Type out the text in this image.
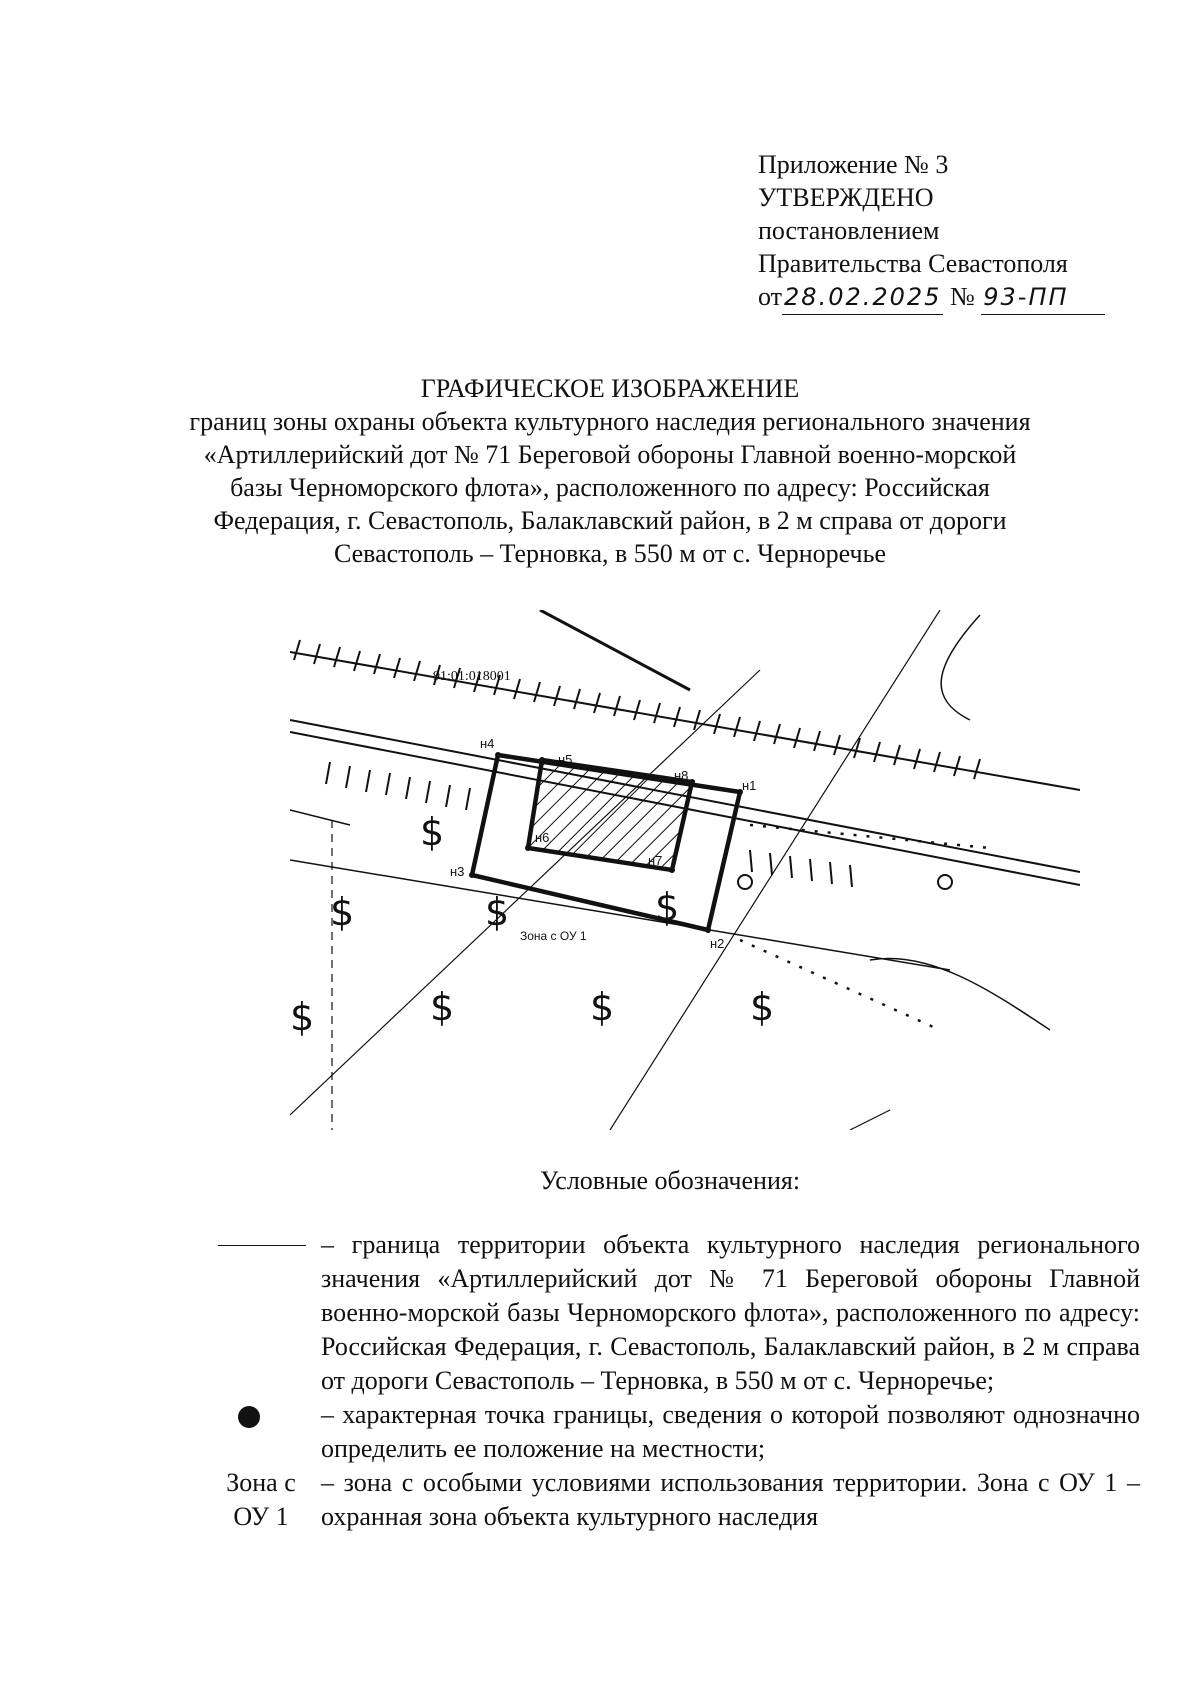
Приложение № 3
УТВЕРЖДЕНО
постановлением
Правительства Севастополя
от28.02.2025 № 93-ПП
ГРАФИЧЕСКОЕ ИЗОБРАЖЕНИЕ
границ зоны охраны объекта культурного наследия регионального значения
«Артиллерийский дот № 71 Береговой обороны Главной военно-морской
базы Черноморского флота», расположенного по адресу: Российская
Федерация, г. Севастополь, Балаклавский район, в 2 м справа от дороги
Севастополь – Терновка, в 550 м от с. Черноречье
91:01:018001
н1
н2
н3
н4
н5
н6
н7
н8
Зона с ОУ 1
$
$	$	$
$	$	$
$
Условные обозначения:
– граница территории объекта культурного наследия регионального значения «Артиллерийский дот № 71 Береговой обороны Главной военно-морской базы Черноморского флота», расположенного по адресу: Российская Федерация, г. Севастополь, Балаклавский район, в 2 м справа от дороги Севастополь – Терновка, в 550 м от с. Черноречье;
– характерная точка границы, сведения о которой позволяют однозначно определить ее положение на местности;
Зона с ОУ 1
– зона с особыми условиями использования территории. Зона с ОУ 1 – охранная зона объекта культурного наследия
